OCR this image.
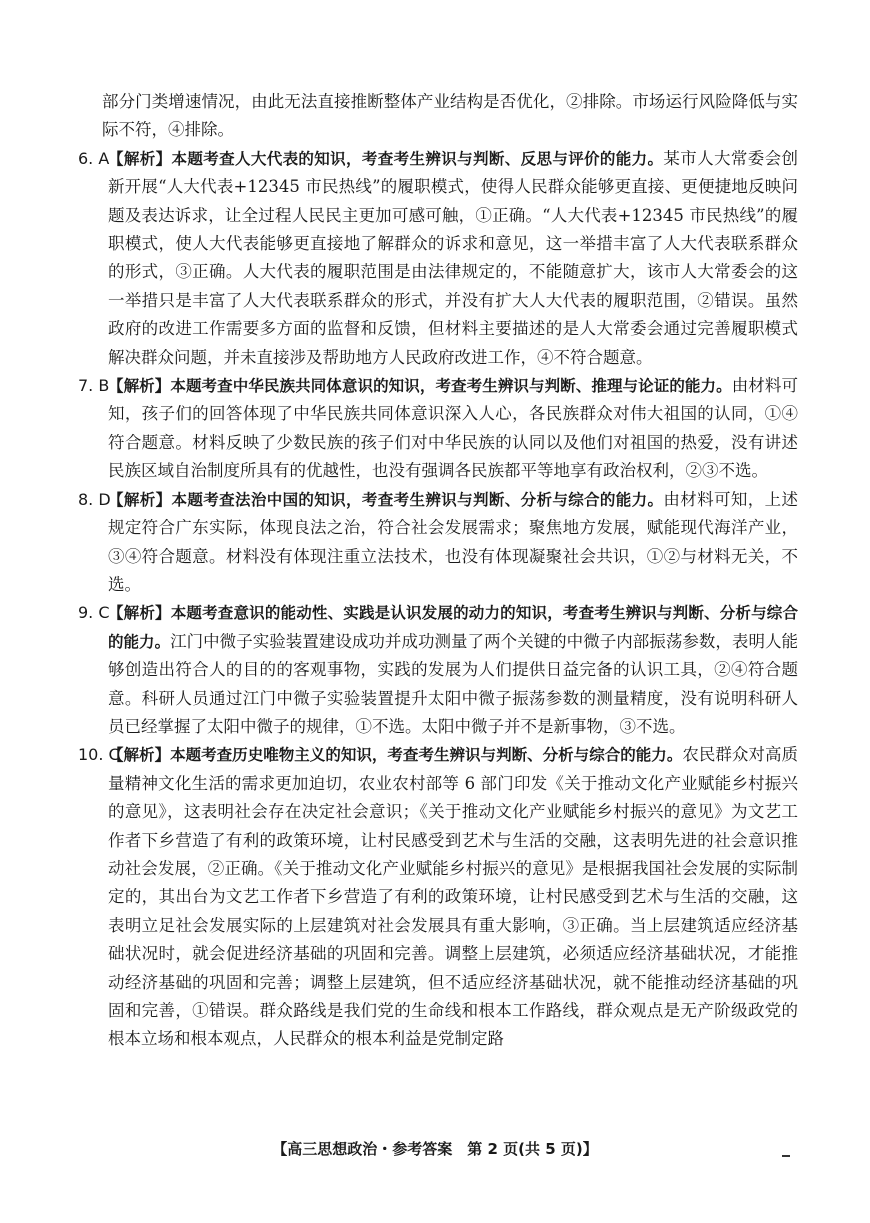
部分门类增速情况，由此无法直接推断整体产业结构是否优化，②排除。市场运行风险降低与实际不符，④排除。

6. A
【解析】本题考查人大代表的知识，考查考生辨识与判断、反思与评价的能力。某市人大常委会创新开展“人大代表+12345 市民热线”的履职模式，使得人民群众能够更直接、更便捷地反映问题及表达诉求，让全过程人民民主更加可感可触，①正确。“人大代表+12345 市民热线”的履职模式，使人大代表能够更直接地了解群众的诉求和意见，这一举措丰富了人大代表联系群众的形式，③正确。人大代表的履职范围是由法律规定的，不能随意扩大，该市人大常委会的这一举措只是丰富了人大代表联系群众的形式，并没有扩大人大代表的履职范围，②错误。虽然政府的改进工作需要多方面的监督和反馈，但材料主要描述的是人大常委会通过完善履职模式解决群众问题，并未直接涉及帮助地方人民政府改进工作，④不符合题意。
7. B
【解析】本题考查中华民族共同体意识的知识，考查考生辨识与判断、推理与论证的能力。由材料可知，孩子们的回答体现了中华民族共同体意识深入人心，各民族群众对伟大祖国的认同，①④符合题意。材料反映了少数民族的孩子们对中华民族的认同以及他们对祖国的热爱，没有讲述民族区域自治制度所具有的优越性，也没有强调各民族都平等地享有政治权利，②③不选。
8. D
【解析】本题考查法治中国的知识，考查考生辨识与判断、分析与综合的能力。由材料可知，上述规定符合广东实际，体现良法之治，符合社会发展需求；聚焦地方发展，赋能现代海洋产业，③④符合题意。材料没有体现注重立法技术，也没有体现凝聚社会共识，①②与材料无关，不选。
9. C
【解析】本题考查意识的能动性、实践是认识发展的动力的知识，考查考生辨识与判断、分析与综合的能力。江门中微子实验装置建设成功并成功测量了两个关键的中微子内部振荡参数，表明人能够创造出符合人的目的的客观事物，实践的发展为人们提供日益完备的认识工具，②④符合题意。科研人员通过江门中微子实验装置提升太阳中微子振荡参数的测量精度，没有说明科研人员已经掌握了太阳中微子的规律，①不选。太阳中微子并不是新事物，③不选。
10. C
【解析】本题考查历史唯物主义的知识，考查考生辨识与判断、分析与综合的能力。农民群众对高质量精神文化生活的需求更加迫切，农业农村部等 6 部门印发《关于推动文化产业赋能乡村振兴的意见》，这表明社会存在决定社会意识；《关于推动文化产业赋能乡村振兴的意见》为文艺工作者下乡营造了有利的政策环境，让村民感受到艺术与生活的交融，这表明先进的社会意识推动社会发展，②正确。《关于推动文化产业赋能乡村振兴的意见》是根据我国社会发展的实际制定的，其出台为文艺工作者下乡营造了有利的政策环境，让村民感受到艺术与生活的交融，这表明立足社会发展实际的上层建筑对社会发展具有重大影响，③正确。当上层建筑适应经济基础状况时，就会促进经济基础的巩固和完善。调整上层建筑，必须适应经济基础状况，才能推动经济基础的巩固和完善；调整上层建筑，但不适应经济基础状况，就不能推动经济基础的巩固和完善，①错误。群众路线是我们党的生命线和根本工作路线，群众观点是无产阶级政党的根本立场和根本观点，人民群众的根本利益是党制定路
【高三思想政治・参考答案　第 2 页(共 5 页)】
